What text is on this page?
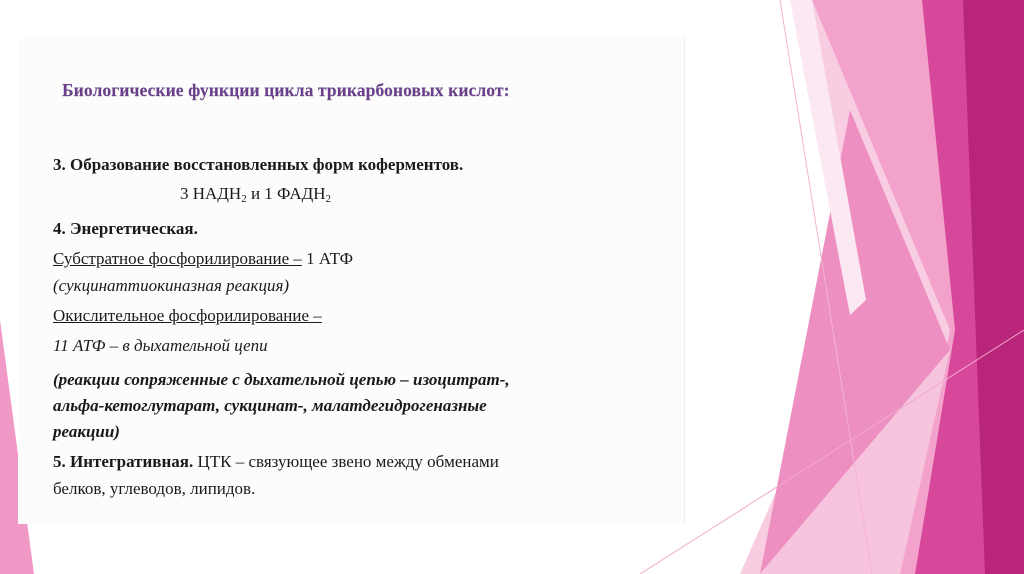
Биологические функции цикла трикарбоновых кислот:
3. Образование восстановленных форм коферментов.
3 $НАДН_2$ и 1 $ФАДН_2$
4. Энергетическая.
Субстратное фосфорилирование – 1 АТФ
(сукцинаттиокиназная реакция)
Окислительное фосфорилирование –
11 АТФ – в дыхательной цепи
(реакции сопряженные с дыхательной цепью – изоцитрат-,
альфа-кетоглутарат, сукцинат-, малатдегидрогеназные
реакции)
5. Интегративная. ЦТК – связующее звено между обменами
белков, углеводов, липидов.
